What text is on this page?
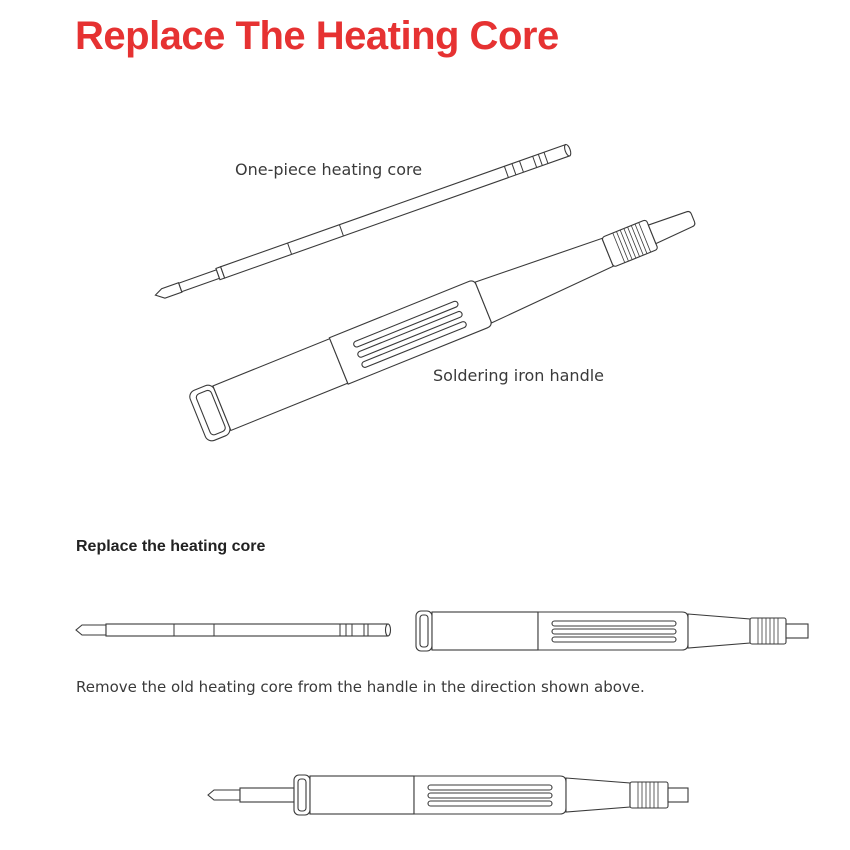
Replace The Heating Core
One-piece heating core
Soldering iron handle
Replace the heating core
Remove the old heating core from the handle in the direction shown above.
